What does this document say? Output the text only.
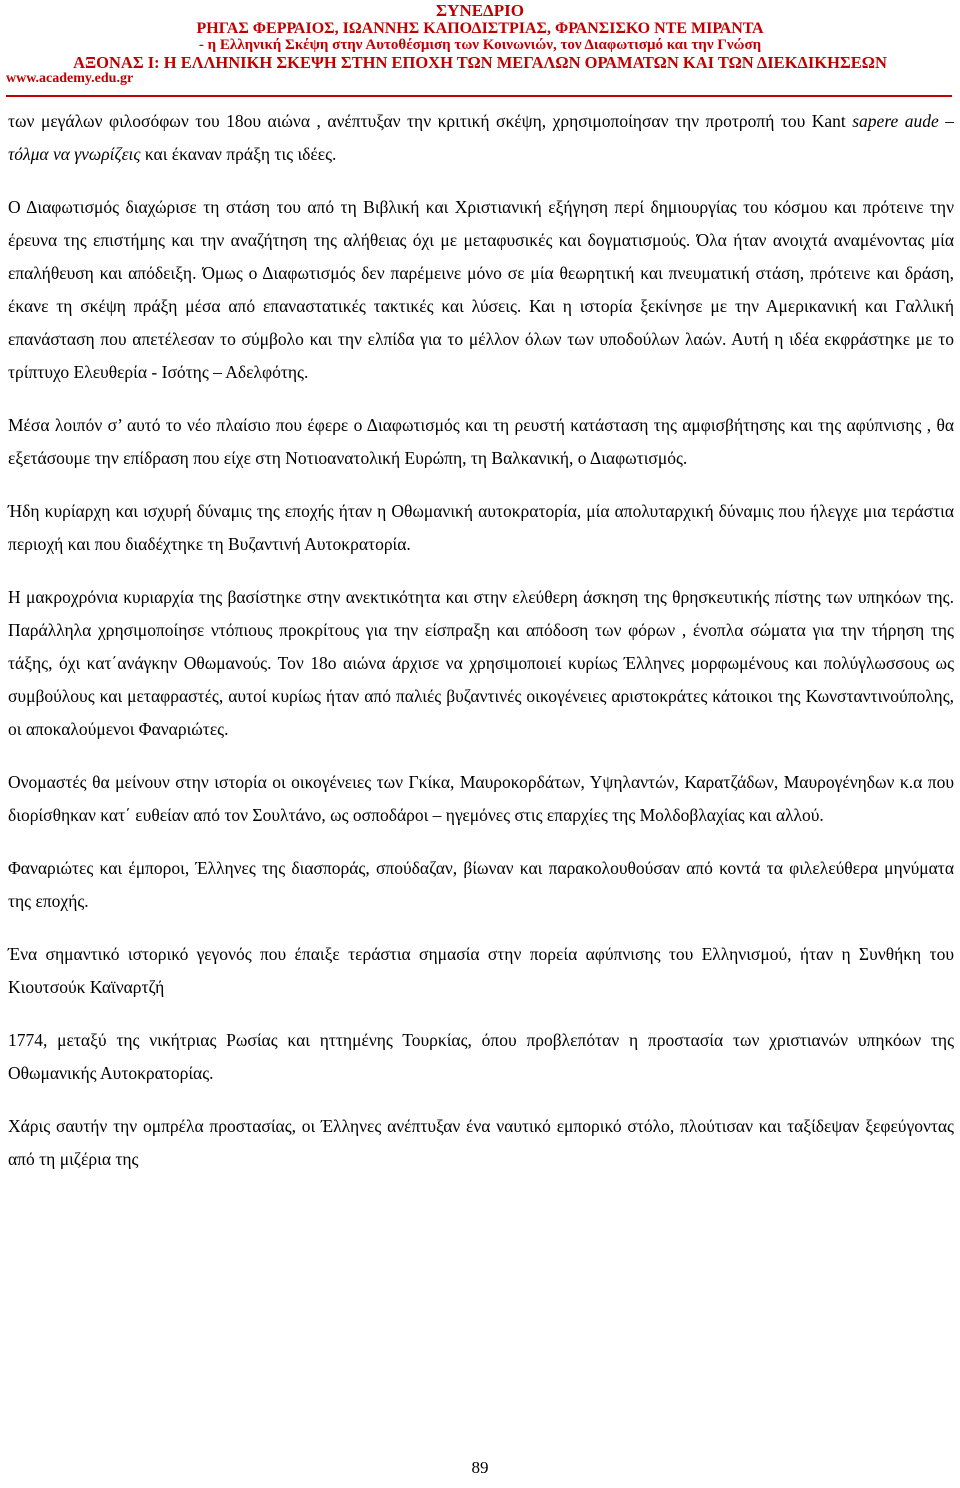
ΣΥΝΕΔΡΙΟ
ΡΗΓΑΣ ΦΕΡΡΑΙΟΣ, ΙΩΑΝΝΗΣ ΚΑΠΟΔΙΣΤΡΙΑΣ, ΦΡΑΝΣΙΣΚΟ ΝΤΕ ΜΙΡΑΝΤΑ
- η Ελληνική Σκέψη στην Αυτοθέσμιση των Κοινωνιών, τον Διαφωτισμό και την Γνώση
ΑΞΟΝΑΣ Ι: Η ΕΛΛΗΝΙΚΗ ΣΚΕΨΗ ΣΤΗΝ ΕΠΟΧΗ ΤΩΝ ΜΕΓΑΛΩΝ ΟΡΑΜΑΤΩΝ ΚΑΙ ΤΩΝ ΔΙΕΚΔΙΚΗΣΕΩΝ
www.academy.edu.gr

των μεγάλων φιλοσόφων του 18ου αιώνα , ανέπτυξαν την κριτική σκέψη, χρησιμοποίησαν την προτροπή του Kant sapere aude – τόλμα να γνωρίζεις και έκαναν πράξη τις ιδέες.

Ο Διαφωτισμός διαχώρισε τη στάση του από τη Βιβλική και Χριστιανική εξήγηση περί δημιουργίας του κόσμου και πρότεινε την έρευνα της επιστήμης και την αναζήτηση της αλήθειας όχι με μεταφυσικές και δογματισμούς. Όλα ήταν ανοιχτά αναμένοντας μία επαλήθευση και απόδειξη. Όμως ο Διαφωτισμός δεν παρέμεινε μόνο σε μία θεωρητική και πνευματική στάση, πρότεινε και δράση, έκανε τη σκέψη πράξη μέσα από επαναστατικές τακτικές και λύσεις. Και η ιστορία ξεκίνησε με την Αμερικανική και Γαλλική επανάσταση που απετέλεσαν το σύμβολο και την ελπίδα για το μέλλον όλων των υποδούλων λαών. Αυτή η ιδέα εκφράστηκε με το τρίπτυχο Ελευθερία - Ισότης – Αδελφότης.

Μέσα λοιπόν σ’ αυτό το νέο πλαίσιο που έφερε ο Διαφωτισμός και τη ρευστή κατάσταση της αμφισβήτησης και της αφύπνισης , θα εξετάσουμε την επίδραση που είχε στη Νοτιοανατολική Ευρώπη, τη Βαλκανική, ο Διαφωτισμός.

Ήδη κυρίαρχη και ισχυρή δύναμις της εποχής ήταν η Οθωμανική αυτοκρατορία, μία απολυταρχική δύναμις που ήλεγχε μια τεράστια περιοχή και που διαδέχτηκε τη Βυζαντινή Αυτοκρατορία.

Η μακροχρόνια κυριαρχία της βασίστηκε στην ανεκτικότητα και στην ελεύθερη άσκηση της θρησκευτικής πίστης των υπηκόων της. Παράλληλα χρησιμοποίησε ντόπιους προκρίτους για την είσπραξη και απόδοση των φόρων , ένοπλα σώματα για την τήρηση της τάξης, όχι κατ΄ανάγκην Οθωμανούς. Τον 18ο αιώνα άρχισε να χρησιμοποιεί κυρίως Έλληνες μορφωμένους και πολύγλωσσους ως συμβούλους και μεταφραστές, αυτοί κυρίως ήταν από παλιές βυζαντινές οικογένειες αριστοκράτες κάτοικοι της Κωνσταντινούπολης, οι αποκαλούμενοι Φαναριώτες.

Ονομαστές θα μείνουν στην ιστορία οι οικογένειες των Γκίκα, Μαυροκορδάτων, Υψηλαντών, Καρατζάδων, Μαυρογένηδων κ.α που διορίσθηκαν κατ΄ ευθείαν από τον Σουλτάνο, ως οσποδάροι – ηγεμόνες στις επαρχίες της Μολδοβλαχίας και αλλού.

Φαναριώτες και έμποροι, Έλληνες της διασποράς, σπούδαζαν, βίωναν και παρακολουθούσαν από κοντά τα φιλελεύθερα μηνύματα της εποχής.

Ένα σημαντικό ιστορικό γεγονός που έπαιξε τεράστια σημασία στην πορεία αφύπνισης του Ελληνισμού, ήταν η Συνθήκη του Κιουτσούκ Καϊναρτζή

1774, μεταξύ της νικήτριας Ρωσίας και ηττημένης Τουρκίας, όπου προβλεπόταν η προστασία των χριστιανών υπηκόων της Οθωμανικής Αυτοκρατορίας.

Χάρις σαυτήν την ομπρέλα προστασίας, οι Έλληνες ανέπτυξαν ένα ναυτικό εμπορικό στόλο, πλούτισαν και ταξίδεψαν ξεφεύγοντας από τη μιζέρια της

89
